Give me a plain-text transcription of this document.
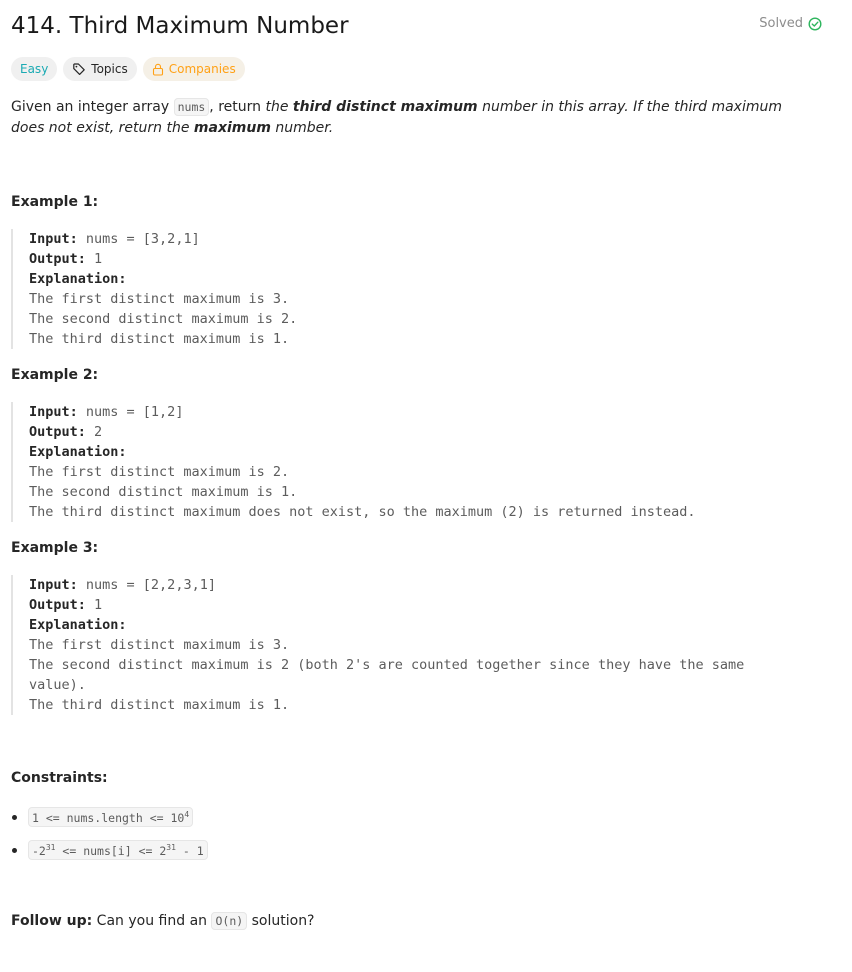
414. Third Maximum Number	Solved
Easy	Topics	Companies

Given an integer array nums , return the third distinct maximum number in this array. If the third maximum does not exist, return the maximum number.

Example 1:

Input: nums = [3,2,1]
Output: 1
Explanation:
The first distinct maximum is 3.
The second distinct maximum is 2.
The third distinct maximum is 1.

Example 2:

Input: nums = [1,2]
Output: 2
Explanation:
The first distinct maximum is 2.
The second distinct maximum is 1.
The third distinct maximum does not exist, so the maximum (2) is returned instead.

Example 3:

Input: nums = [2,2,3,1]
Output: 1
Explanation:
The first distinct maximum is 3.
The second distinct maximum is 2 (both 2's are counted together since they have the same value).
The third distinct maximum is 1.

Constraints:

1 <= nums.length <= $10^4$
$-2^{31}$ <= nums[i] <= $2^{31} - 1$

Follow up: Can you find an O(n) solution?
